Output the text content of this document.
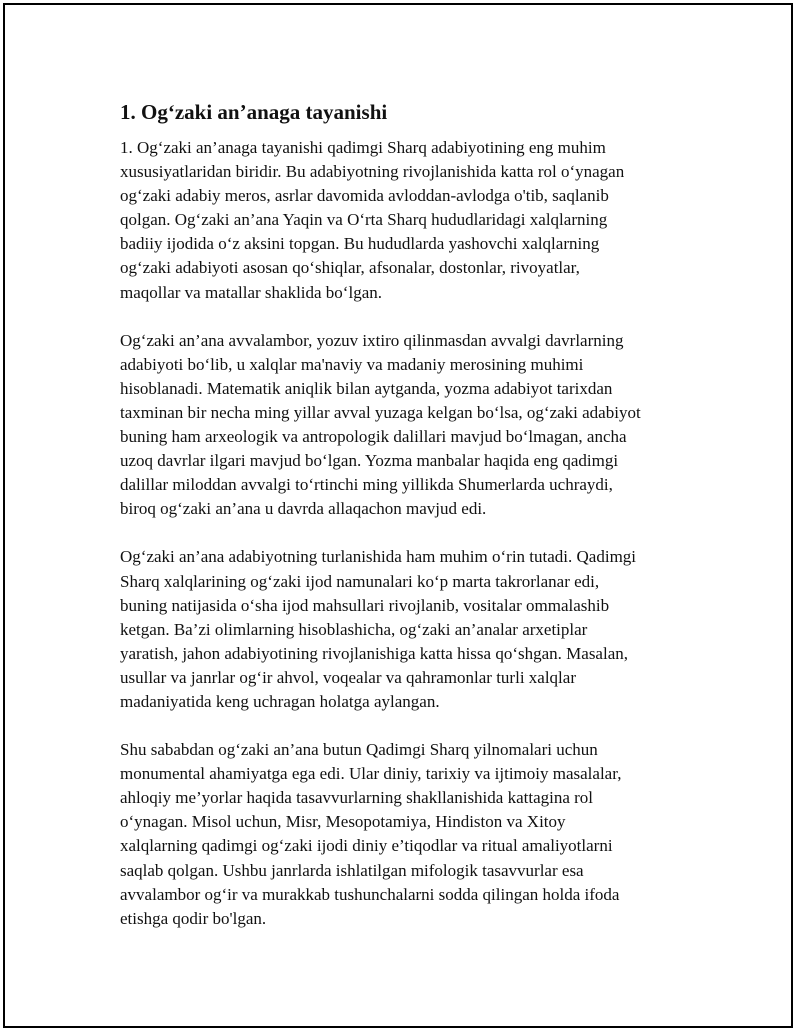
1. Og‘zaki an’anaga tayanishi

1. Og‘zaki an’anaga tayanishi qadimgi Sharq adabiyotining eng muhim
xususiyatlaridan biridir. Bu adabiyotning rivojlanishida katta rol o‘ynagan
og‘zaki adabiy meros, asrlar davomida avloddan-avlodga o'tib, saqlanib
qolgan. Og‘zaki an’ana Yaqin va O‘rta Sharq hududlaridagi xalqlarning
badiiy ijodida o‘z aksini topgan. Bu hududlarda yashovchi xalqlarning
og‘zaki adabiyoti asosan qo‘shiqlar, afsonalar, dostonlar, rivoyatlar,
maqollar va matallar shaklida bo‘lgan.

Og‘zaki an’ana avvalambor, yozuv ixtiro qilinmasdan avvalgi davrlarning
adabiyoti bo‘lib, u xalqlar ma'naviy va madaniy merosining muhimi
hisoblanadi. Matematik aniqlik bilan aytganda, yozma adabiyot tarixdan
taxminan bir necha ming yillar avval yuzaga kelgan bo‘lsa, og‘zaki adabiyot
buning ham arxeologik va antropologik dalillari mavjud bo‘lmagan, ancha
uzoq davrlar ilgari mavjud bo‘lgan. Yozma manbalar haqida eng qadimgi
dalillar miloddan avvalgi to‘rtinchi ming yillikda Shumerlarda uchraydi,
biroq og‘zaki an’ana u davrda allaqachon mavjud edi.

Og‘zaki an’ana adabiyotning turlanishida ham muhim o‘rin tutadi. Qadimgi
Sharq xalqlarining og‘zaki ijod namunalari ko‘p marta takrorlanar edi,
buning natijasida o‘sha ijod mahsullari rivojlanib, vositalar ommalashib
ketgan. Ba’zi olimlarning hisoblashicha, og‘zaki an’analar arxetiplar
yaratish, jahon adabiyotining rivojlanishiga katta hissa qo‘shgan. Masalan,
usullar va janrlar og‘ir ahvol, voqealar va qahramonlar turli xalqlar
madaniyatida keng uchragan holatga aylangan.

Shu sababdan og‘zaki an’ana butun Qadimgi Sharq yilnomalari uchun
monumental ahamiyatga ega edi. Ular diniy, tarixiy va ijtimoiy masalalar,
ahloqiy me’yorlar haqida tasavvurlarning shakllanishida kattagina rol
o‘ynagan. Misol uchun, Misr, Mesopotamiya, Hindiston va Xitoy
xalqlarning qadimgi og‘zaki ijodi diniy e’tiqodlar va ritual amaliyotlarni
saqlab qolgan. Ushbu janrlarda ishlatilgan mifologik tasavvurlar esa
avvalambor og‘ir va murakkab tushunchalarni sodda qilingan holda ifoda
etishga qodir bo'lgan.
